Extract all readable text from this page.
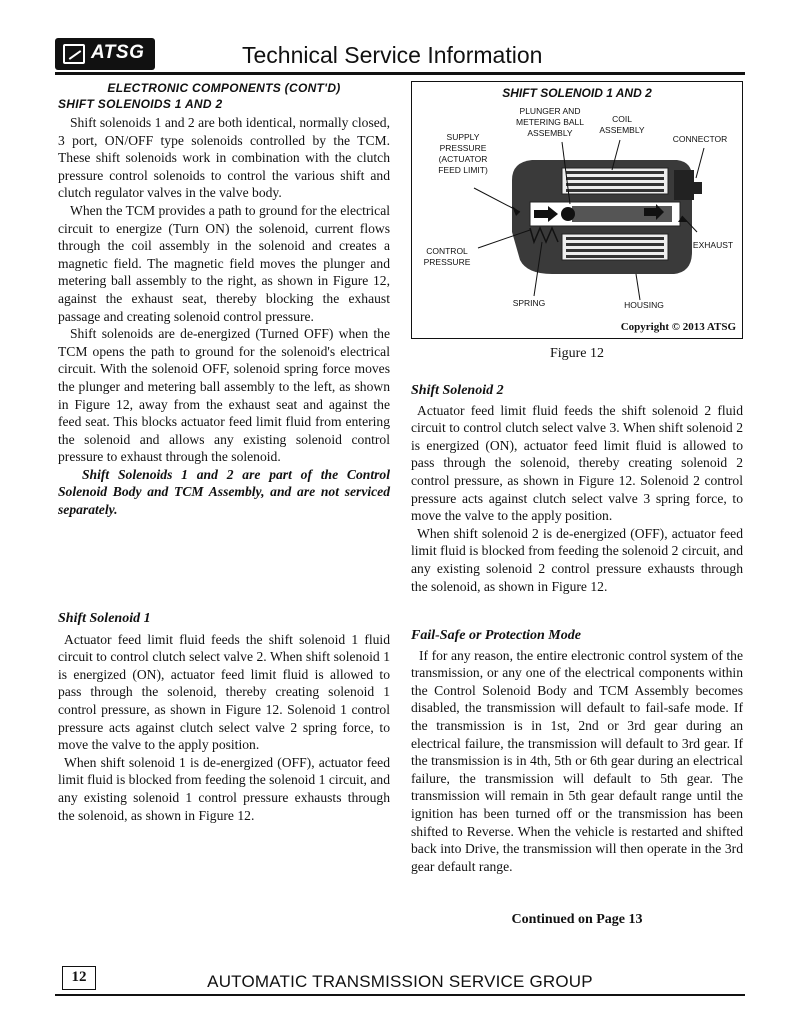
ATSG	Technical Service Information
ELECTRONIC COMPONENTS (CONT'D)
SHIFT SOLENOIDS 1 AND 2

Shift solenoids 1 and 2 are both identical, normally closed, 3 port, ON/OFF type solenoids controlled by the TCM. These shift solenoids work in combination with the clutch pressure control solenoids to control the various shift and clutch regulator valves in the valve body.

When the TCM provides a path to ground for the electrical circuit to energize (Turn ON) the solenoid, current flows through the coil assembly in the solenoid and creates a magnetic field. The magnetic field moves the plunger and metering ball assembly to the right, as shown in Figure 12, against the exhaust seat, thereby blocking the exhaust passage and creating solenoid control pressure.

Shift solenoids are de-energized (Turned OFF) when the TCM opens the path to ground for the solenoid's electrical circuit. With the solenoid OFF, solenoid spring force moves the plunger and metering ball assembly to the left, as shown in Figure 12, away from the exhaust seat and against the feed seat. This blocks actuator feed limit fluid from entering the solenoid and allows any existing solenoid control pressure to exhaust through the solenoid.

Shift Solenoids 1 and 2 are part of the Control Solenoid Body and TCM Assembly, and are not serviced separately.

Shift Solenoid 1

Actuator feed limit fluid feeds the shift solenoid 1 fluid circuit to control clutch select valve 2. When shift solenoid 1 is energized (ON), actuator feed limit fluid is allowed to pass through the solenoid, thereby creating solenoid 1 control pressure, as shown in Figure 12. Solenoid 1 control pressure acts against clutch select valve 2 spring force, to move the valve to the apply position.

When shift solenoid 1 is de-energized (OFF), actuator feed limit fluid is blocked from feeding the solenoid 1 circuit, and any existing solenoid 1 control pressure exhausts through the solenoid, as shown in Figure 12.

SHIFT SOLENOID 1 AND 2
PLUNGER AND METERING BALL ASSEMBLY
COIL ASSEMBLY
SUPPLY PRESSURE (ACTUATOR FEED LIMIT)
CONNECTOR
EXHAUST
CONTROL PRESSURE
SPRING	HOUSING
Copyright © 2013 ATSG
Figure 12

Shift Solenoid 2

Actuator feed limit fluid feeds the shift solenoid 2 fluid circuit to control clutch select valve 3. When shift solenoid 2 is energized (ON), actuator feed limit fluid is allowed to pass through the solenoid, thereby creating solenoid 2 control pressure, as shown in Figure 12. Solenoid 2 control pressure acts against clutch select valve 3 spring force, to move the valve to the apply position.

When shift solenoid 2 is de-energized (OFF), actuator feed limit fluid is blocked from feeding the solenoid 2 circuit, and any existing solenoid 2 control pressure exhausts through the solenoid, as shown in Figure 12.

Fail-Safe or Protection Mode

If for any reason, the entire electronic control system of the transmission, or any one of the electrical components within the Control Solenoid Body and TCM Assembly becomes disabled, the transmission will default to fail-safe mode. If the transmission is in 1st, 2nd or 3rd gear during an electrical failure, the transmission will default to 3rd gear. If the transmission is in 4th, 5th or 6th gear during an electrical failure, the transmission will default to 5th gear. The transmission will remain in 5th gear default range until the ignition has been turned off or the transmission has been shifted to Reverse. When the vehicle is restarted and shifted back into Drive, the transmission will then operate in the 3rd gear default range.

Continued on Page 13
12	AUTOMATIC TRANSMISSION SERVICE GROUP
